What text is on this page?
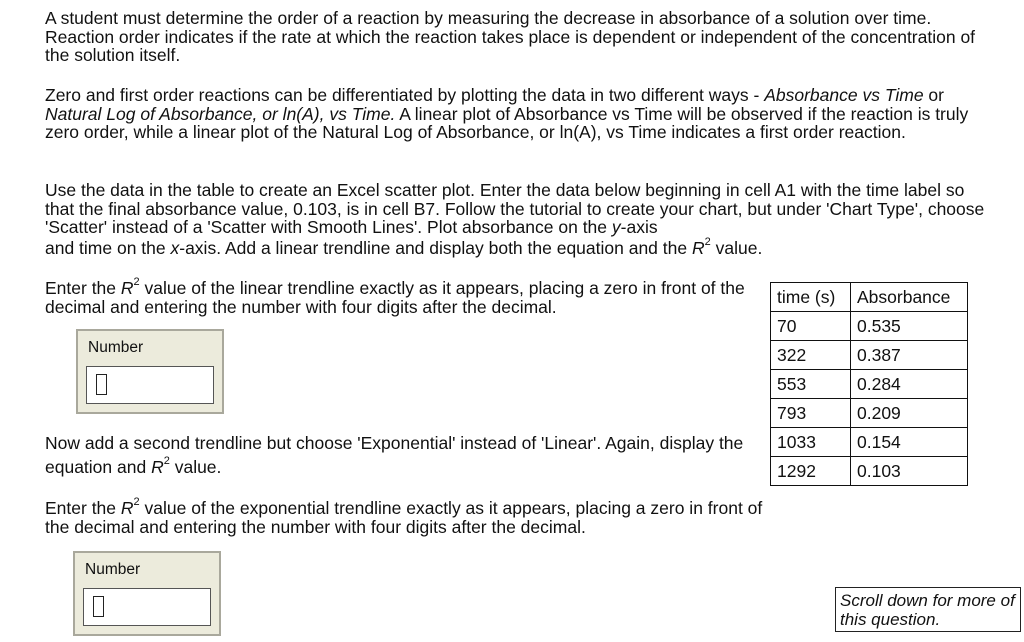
A student must determine the order of a reaction by measuring the decrease in absorbance of a solution over time. Reaction order indicates if the rate at which the reaction takes place is dependent or independent of the concentration of the solution itself.

Zero and first order reactions can be differentiated by plotting the data in two different ways - Absorbance vs Time or Natural Log of Absorbance, or ln(A), vs Time. A linear plot of Absorbance vs Time will be observed if the reaction is truly zero order, while a linear plot of the Natural Log of Absorbance, or ln(A), vs Time indicates a first order reaction.

Use the data in the table to create an Excel scatter plot. Enter the data below beginning in cell A1 with the time label so that the final absorbance value, 0.103, is in cell B7. Follow the tutorial to create your chart, but under 'Chart Type', choose 'Scatter' instead of a 'Scatter with Smooth Lines'. Plot absorbance on the y-axis
and time on the x-axis. Add a linear trendline and display both the equation and the $R^2$ value.

Enter the $R^2$ value of the linear trendline exactly as it appears, placing a zero in front of the decimal and entering the number with four digits after the decimal.

Number

Now add a second trendline but choose 'Exponential' instead of 'Linear'. Again, display the equation and $R^2$ value.

Enter the $R^2$ value of the exponential trendline exactly as it appears, placing a zero in front of the decimal and entering the number with four digits after the decimal.

Number
time (s)	Absorbance
70	0.535
322	0.387
553	0.284
793	0.209
1033	0.154
1292	0.103
Scroll down for more of this question.
